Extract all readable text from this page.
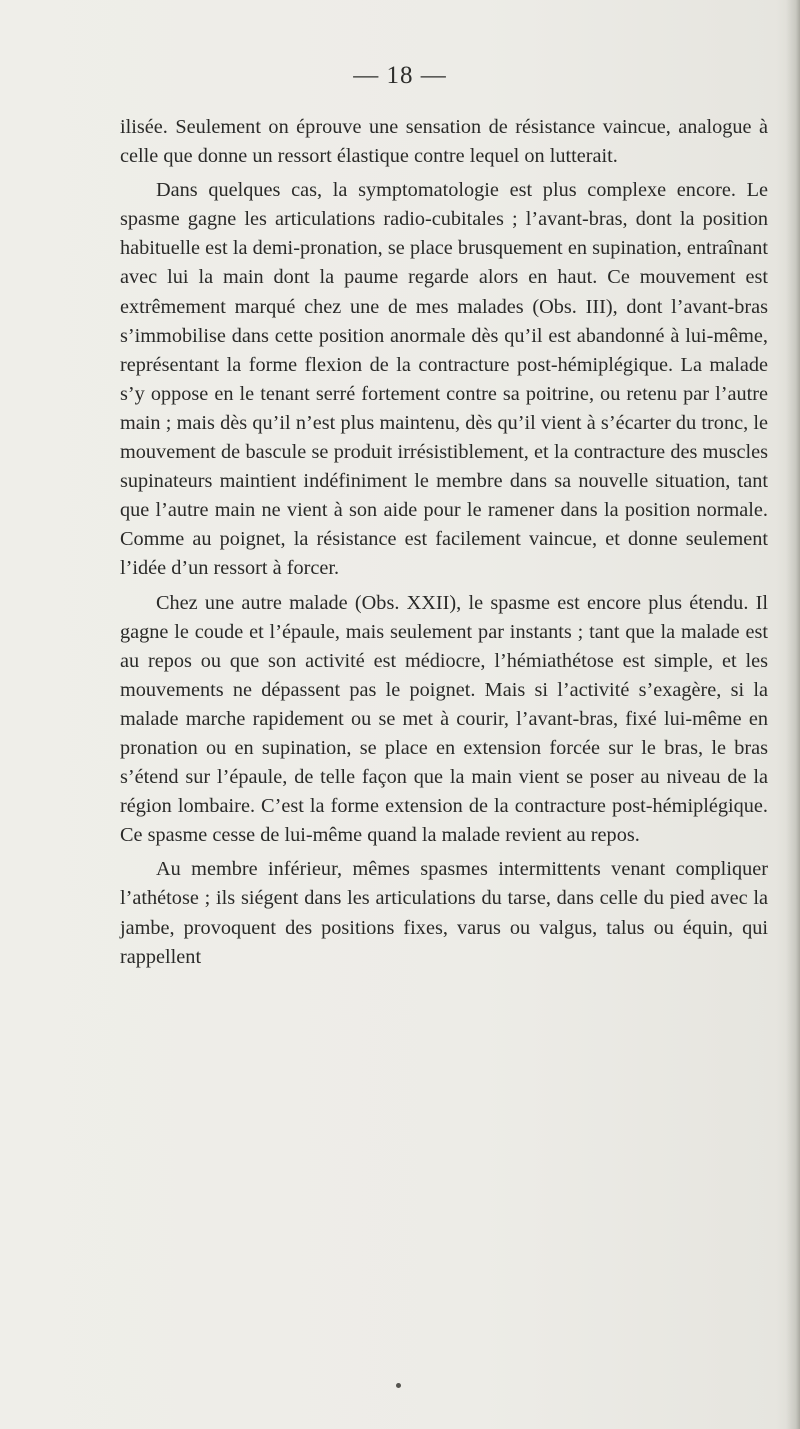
— 18 —

ilisée. Seulement on éprouve une sensation de résistance vaincue, analogue à celle que donne un ressort élastique contre lequel on lutterait.

Dans quelques cas, la symptomatologie est plus complexe encore. Le spasme gagne les articulations radio-cubitales ; l’avant-bras, dont la position habituelle est la demi-pronation, se place brusquement en supination, entraînant avec lui la main dont la paume regarde alors en haut. Ce mouvement est extrêmement marqué chez une de mes malades (Obs. III), dont l’avant-bras s’immobilise dans cette position anormale dès qu’il est abandonné à lui-même, représentant la forme flexion de la contracture post-hémiplégique. La malade s’y oppose en le tenant serré fortement contre sa poitrine, ou retenu par l’autre main ; mais dès qu’il n’est plus maintenu, dès qu’il vient à s’écarter du tronc, le mouvement de bascule se produit irrésistiblement, et la contracture des muscles supinateurs maintient indéfiniment le membre dans sa nouvelle situation, tant que l’autre main ne vient à son aide pour le ramener dans la position normale. Comme au poignet, la résistance est facilement vaincue, et donne seulement l’idée d’un ressort à forcer.

Chez une autre malade (Obs. XXII), le spasme est encore plus étendu. Il gagne le coude et l’épaule, mais seulement par instants ; tant que la malade est au repos ou que son activité est médiocre, l’hémiathétose est simple, et les mouvements ne dépassent pas le poignet. Mais si l’activité s’exagère, si la malade marche rapidement ou se met à courir, l’avant-bras, fixé lui-même en pronation ou en supination, se place en extension forcée sur le bras, le bras s’étend sur l’épaule, de telle façon que la main vient se poser au niveau de la région lombaire. C’est la forme extension de la contracture post-hémiplégique. Ce spasme cesse de lui-même quand la malade revient au repos.

Au membre inférieur, mêmes spasmes intermittents venant compliquer l’athétose ; ils siégent dans les articulations du tarse, dans celle du pied avec la jambe, provoquent des positions fixes, varus ou valgus, talus ou équin, qui rappellent
